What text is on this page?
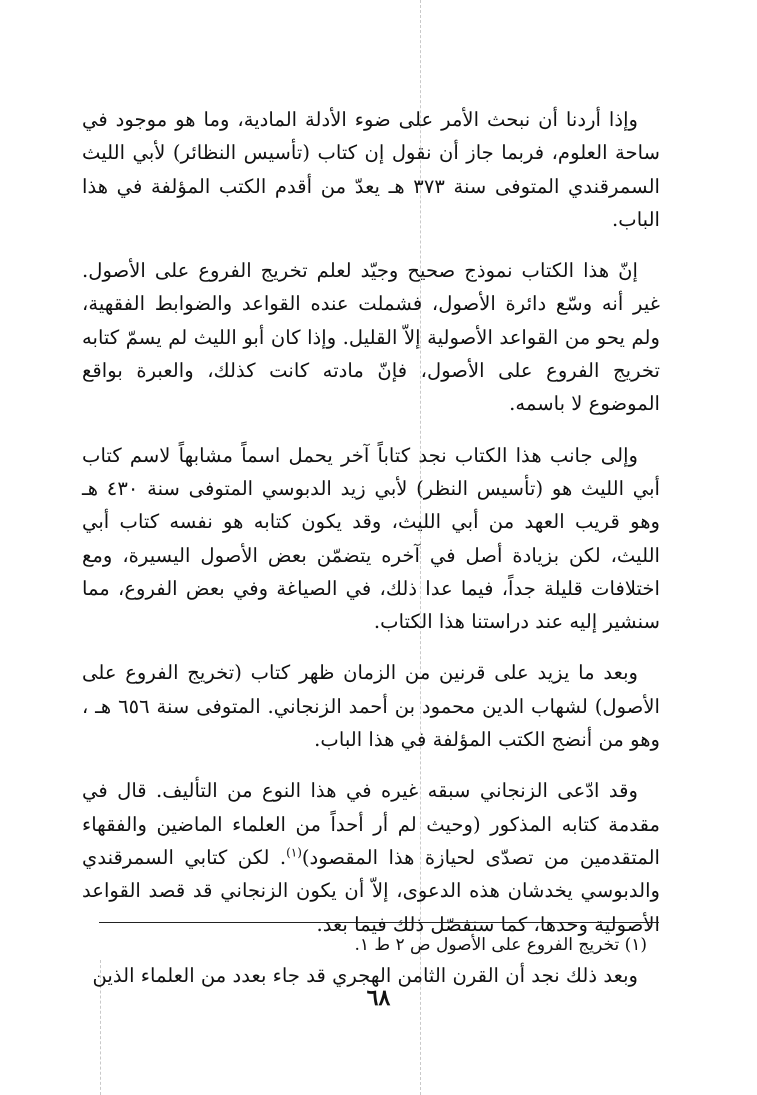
وإذا أردنا أن نبحث الأمر على ضوء الأدلة المادية، وما هو موجود في ساحة العلوم، فربما جاز أن نقول إن كتاب (تأسيس النظائر) لأبي الليث السمرقندي المتوفى سنة ٣٧٣ هـ يعدّ من أقدم الكتب المؤلفة في هذا الباب.

إنّ هذا الكتاب نموذج صحيح وجيّد لعلم تخريج الفروع على الأصول. غير أنه وسّع دائرة الأصول، فشملت عنده القواعد والضوابط الفقهية، ولم يحو من القواعد الأصولية إلاّ القليل. وإذا كان أبو الليث لم يسمّ كتابه تخريج الفروع على الأصول، فإنّ مادته كانت كذلك، والعبرة بواقع الموضوع لا باسمه.

وإلى جانب هذا الكتاب نجد كتاباً آخر يحمل اسماً مشابهاً لاسم كتاب أبي الليث هو (تأسيس النظر) لأبي زيد الدبوسي المتوفى سنة ٤٣٠ هـ وهو قريب العهد من أبي الليث، وقد يكون كتابه هو نفسه كتاب أبي الليث، لكن بزيادة أصل في آخره يتضمّن بعض الأصول اليسيرة، ومع اختلافات قليلة جداً، فيما عدا ذلك، في الصياغة وفي بعض الفروع، مما سنشير إليه عند دراستنا هذا الكتاب.

وبعد ما يزيد على قرنين من الزمان ظهر كتاب (تخريج الفروع على الأصول) لشهاب الدين محمود بن أحمد الزنجاني. المتوفى سنة ٦٥٦ هـ ، وهو من أنضج الكتب المؤلفة في هذا الباب.

وقد ادّعى الزنجاني سبقه غيره في هذا النوع من التأليف. قال في مقدمة كتابه المذكور (وحيث لم أر أحداً من العلماء الماضين والفقهاء المتقدمين من تصدّى لحيازة هذا المقصود)$^{(١)}$. لكن كتابي السمرقندي والدبوسي يخدشان هذه الدعوى، إلاّ أن يكون الزنجاني قد قصد القواعد الأصولية وحدها، كما سنفصّل ذلك فيما بعد.

وبعد ذلك نجد أن القرن الثامن الهجري قد جاء بعدد من العلماء الذين

(١) تخريج الفروع على الأصول ص ٢ ط ١.
٦٨
